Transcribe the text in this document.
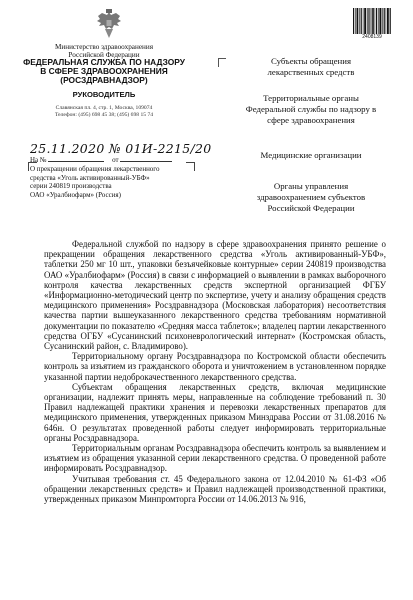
Министерство здравоохранения
Российской Федерации
ФЕДЕРАЛЬНАЯ СЛУЖБА ПО НАДЗОРУ
В СФЕРЕ ЗДРАВООХРАНЕНИЯ
(РОСЗДРАВНАДЗОР)
РУКОВОДИТЕЛЬ
Славянская пл. 4, стр. 1, Москва, 109074
Телефон: (495) 698 45 38; (495) 698 15 74
25.11.2020 № 01И-2215/20
На №	от
О прекращении обращения лекарственного
средства «Уголь активированный-УБФ»
серии 240819 производства
ОАО «Уралбиофарм» (Россия)
2408139
Субъекты обращения
лекарственных средств
Территориальные органы
Федеральной службы по надзору в
сфере здравоохранения
Медицинские организации
Органы управления
здравоохранением субъектов
Российской Федерации

Федеральной службой по надзору в сфере здравоохранения принято решение о прекращении обращения лекарственного средства «Уголь активированный-УБФ», таблетки 250 мг 10 шт., упаковки безъячейковые контурные» серии 240819 производства ОАО «Уралбиофарм» (Россия) в связи с информацией о выявлении в рамках выборочного контроля качества лекарственных средств экспертной организацией ФГБУ «Информационно-методический центр по экспертизе, учету и анализу обращения средств медицинского применения» Росздравнадзора (Московская лаборатория) несоответствия качества партии вышеуказанного лекарственного средства требованиям нормативной документации по показателю «Средняя масса таблеток»; владелец партии лекарственного средства ОГБУ «Сусанинский психоневрологический интернат» (Костромская область, Сусанинский район, с. Владимирово).

Территориальному органу Росздравнадзора по Костромской области обеспечить контроль за изъятием из гражданского оборота и уничтожением в установленном порядке указанной партии недоброкачественного лекарственного средства.

Субъектам обращения лекарственных средств, включая медицинские организации, надлежит принять меры, направленные на соблюдение требований п. 30 Правил надлежащей практики хранения и перевозки лекарственных препаратов для медицинского применения, утвержденных приказом Минздрава России от 31.08.2016 № 646н. О результатах проведенной работы следует информировать территориальные органы Росздравнадзора.

Территориальным органам Росздравнадзора обеспечить контроль за выявлением и изъятием из обращения указанной серии лекарственного средства. О проведенной работе информировать Росздравнадзор.

Учитывая требования ст. 45 Федерального закона от 12.04.2010 № 61-ФЗ «Об обращении лекарственных средств» и Правил надлежащей производственной практики, утвержденных приказом Минпромторга России от 14.06.2013 № 916,
